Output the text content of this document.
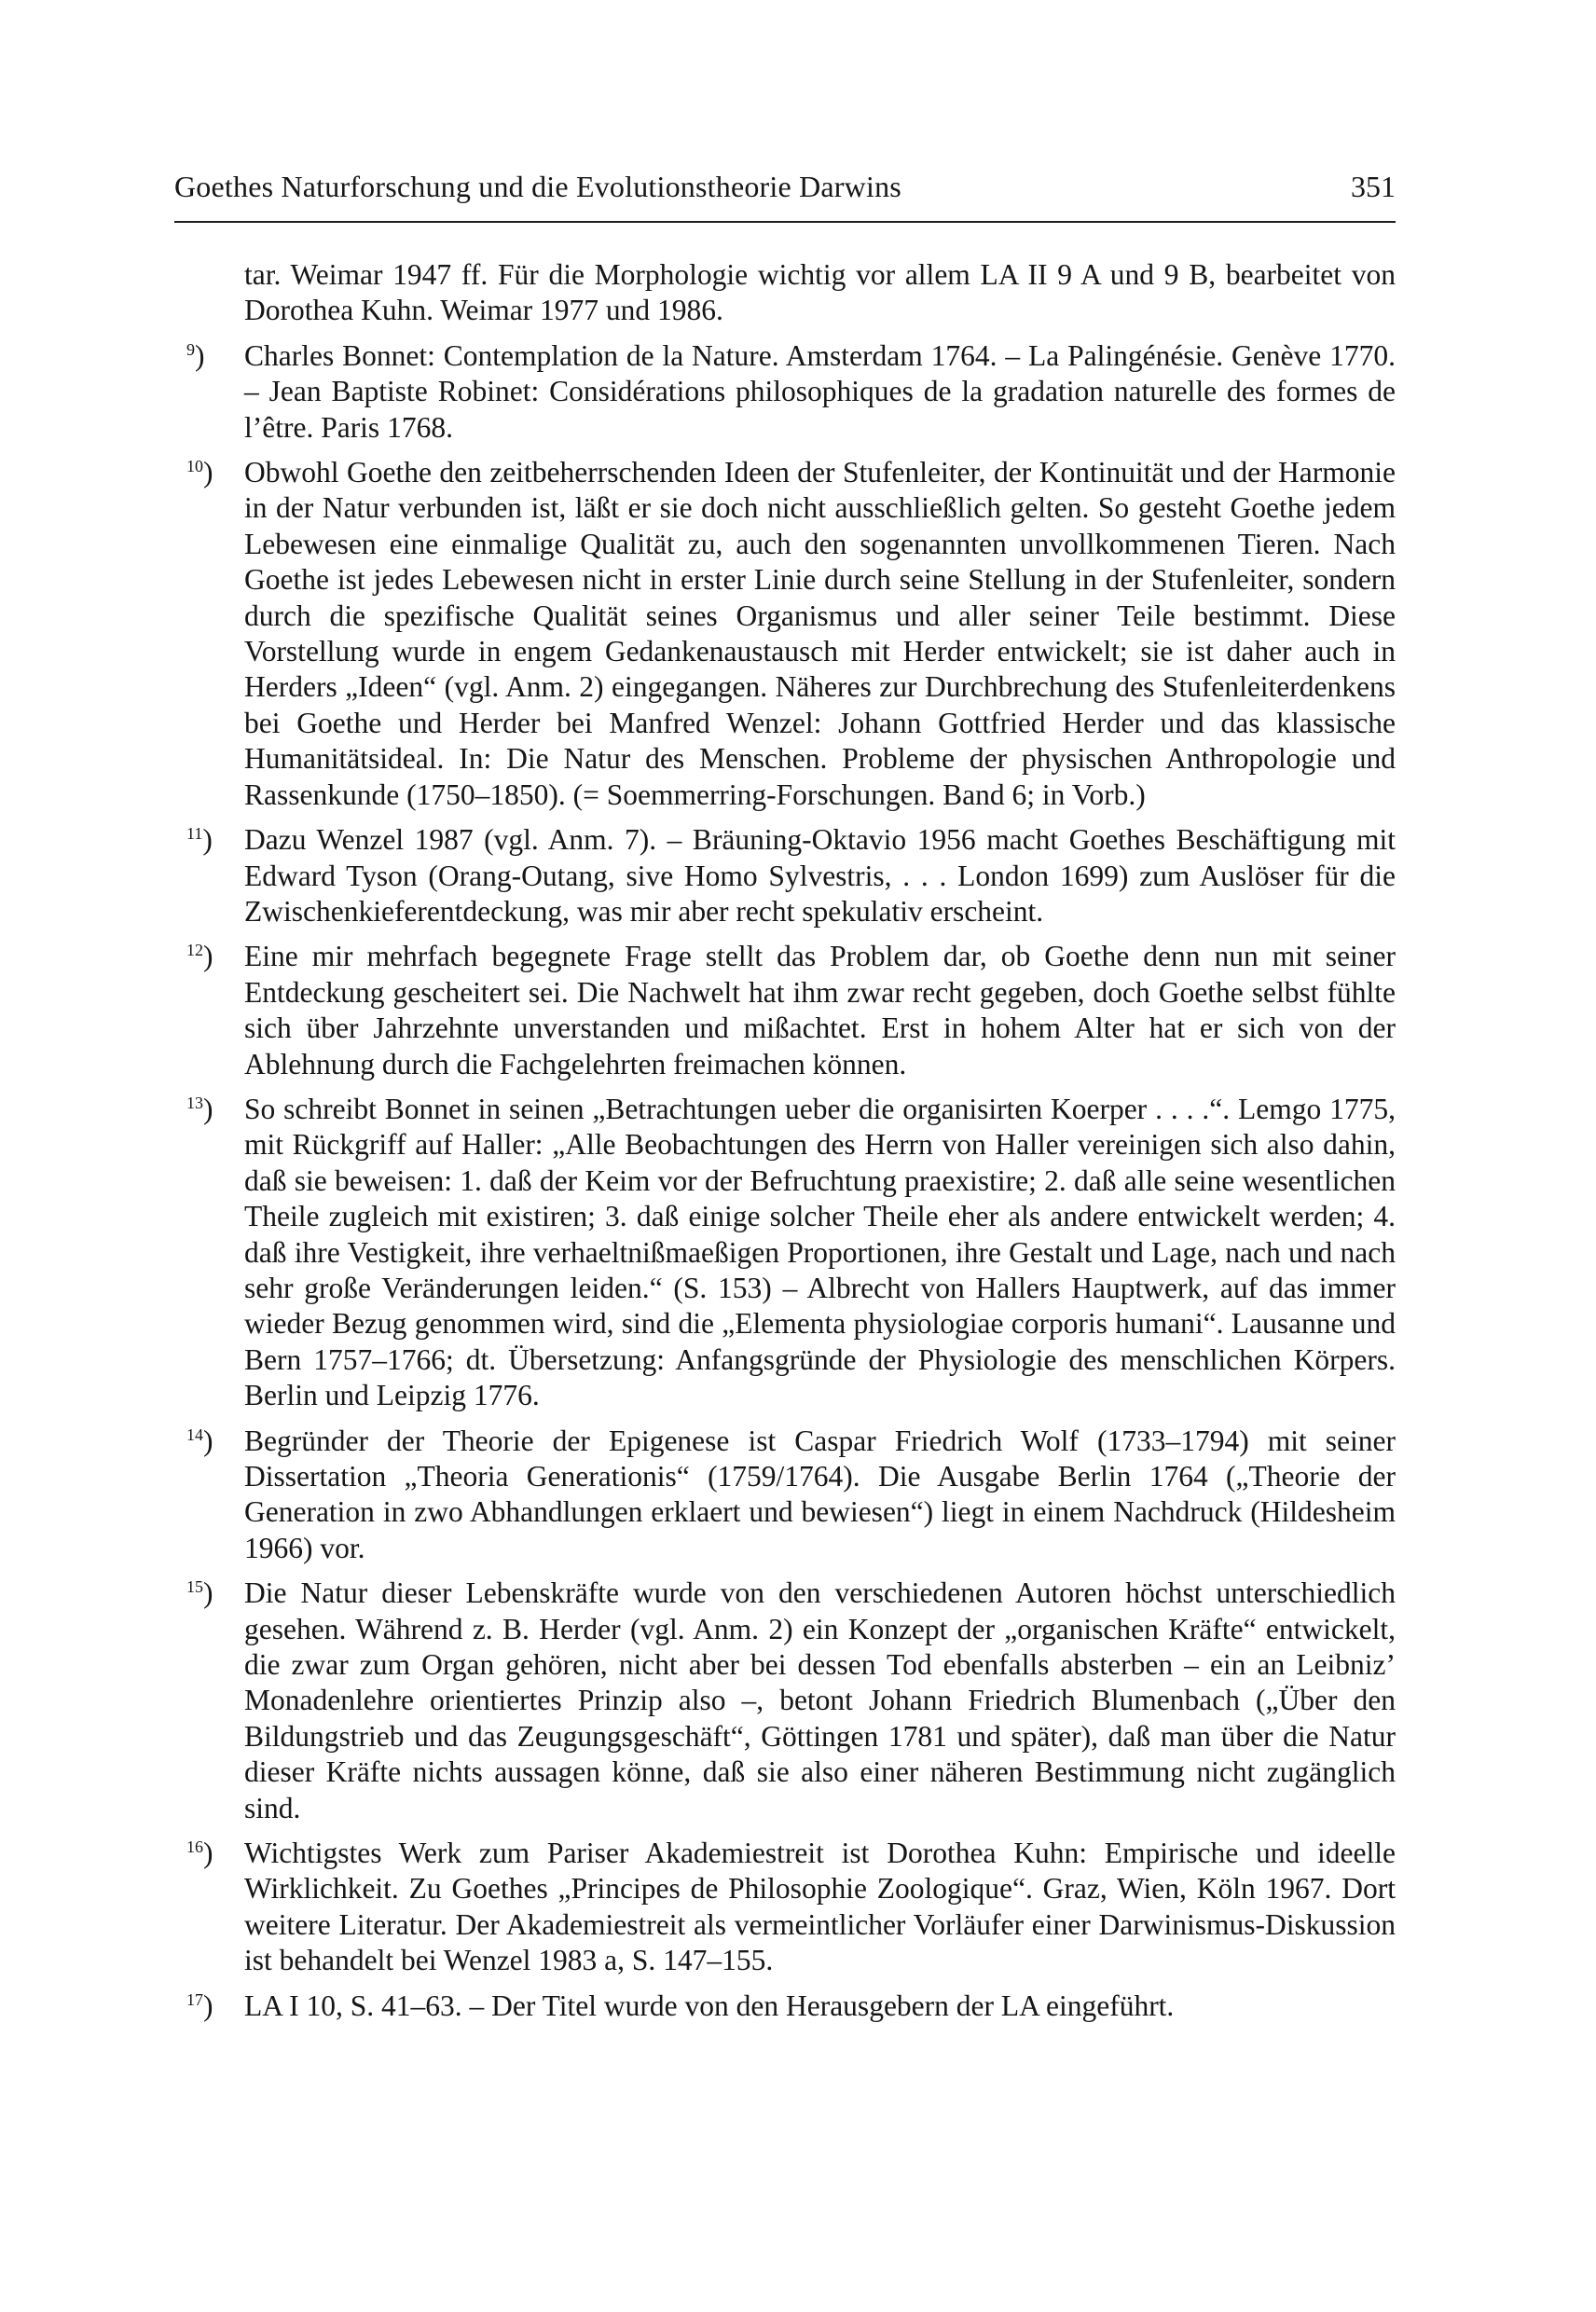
Goethes Naturforschung und die Evolutionstheorie Darwins	351

tar. Weimar 1947 ff. Für die Morphologie wichtig vor allem LA II 9 A und 9 B, bearbeitet von Dorothea Kuhn. Weimar 1977 und 1986.

$^9$)	Charles Bonnet: Contemplation de la Nature. Amsterdam 1764. – La Palingénésie. Genève 1770. – Jean Baptiste Robinet: Considérations philosophiques de la gradation naturelle des formes de l’être. Paris 1768.

$^{10}$)	Obwohl Goethe den zeitbeherrschenden Ideen der Stufenleiter, der Kontinuität und der Harmonie in der Natur verbunden ist, läßt er sie doch nicht ausschließlich gelten. So gesteht Goethe jedem Lebewesen eine einmalige Qualität zu, auch den sogenannten unvollkommenen Tieren. Nach Goethe ist jedes Lebewesen nicht in erster Linie durch seine Stellung in der Stufenleiter, sondern durch die spezifische Qualität seines Organismus und aller seiner Teile bestimmt. Diese Vorstellung wurde in engem Gedankenaustausch mit Herder entwickelt; sie ist daher auch in Herders „Ideen“ (vgl. Anm. 2) eingegangen. Näheres zur Durchbrechung des Stufenleiterdenkens bei Goethe und Herder bei Manfred Wenzel: Johann Gottfried Herder und das klassische Humanitätsideal. In: Die Natur des Menschen. Probleme der physischen Anthropologie und Rassenkunde (1750–1850). (= Soemmerring-Forschungen. Band 6; in Vorb.)

$^{11}$)	Dazu Wenzel 1987 (vgl. Anm. 7). – Bräuning-Oktavio 1956 macht Goethes Beschäftigung mit Edward Tyson (Orang-Outang, sive Homo Sylvestris, . . . London 1699) zum Auslöser für die Zwischenkieferentdeckung, was mir aber recht spekulativ erscheint.

$^{12}$)	Eine mir mehrfach begegnete Frage stellt das Problem dar, ob Goethe denn nun mit seiner Entdeckung gescheitert sei. Die Nachwelt hat ihm zwar recht gegeben, doch Goethe selbst fühlte sich über Jahrzehnte unverstanden und mißachtet. Erst in hohem Alter hat er sich von der Ablehnung durch die Fachgelehrten freimachen können.

$^{13}$)	So schreibt Bonnet in seinen „Betrachtungen ueber die organisirten Koerper . . . .“. Lemgo 1775, mit Rückgriff auf Haller: „Alle Beobachtungen des Herrn von Haller vereinigen sich also dahin, daß sie beweisen: 1. daß der Keim vor der Befruchtung praexistire; 2. daß alle seine wesentlichen Theile zugleich mit existiren; 3. daß einige solcher Theile eher als andere entwickelt werden; 4. daß ihre Vestigkeit, ihre verhaeltnißmaeßigen Proportionen, ihre Gestalt und Lage, nach und nach sehr große Veränderungen leiden.“ (S. 153) – Albrecht von Hallers Hauptwerk, auf das immer wieder Bezug genommen wird, sind die „Elementa physiologiae corporis humani“. Lausanne und Bern 1757–1766; dt. Übersetzung: Anfangsgründe der Physiologie des menschlichen Körpers. Berlin und Leipzig 1776.

$^{14}$)	Begründer der Theorie der Epigenese ist Caspar Friedrich Wolf (1733–1794) mit seiner Dissertation „Theoria Generationis“ (1759/1764). Die Ausgabe Berlin 1764 („Theorie der Generation in zwo Abhandlungen erklaert und bewiesen“) liegt in einem Nachdruck (Hildesheim 1966) vor.

$^{15}$)	Die Natur dieser Lebenskräfte wurde von den verschiedenen Autoren höchst unterschiedlich gesehen. Während z. B. Herder (vgl. Anm. 2) ein Konzept der „organischen Kräfte“ entwickelt, die zwar zum Organ gehören, nicht aber bei dessen Tod ebenfalls absterben – ein an Leibniz’ Monadenlehre orientiertes Prinzip also –, betont Johann Friedrich Blumenbach („Über den Bildungstrieb und das Zeugungsgeschäft“, Göttingen 1781 und später), daß man über die Natur dieser Kräfte nichts aussagen könne, daß sie also einer näheren Bestimmung nicht zugänglich sind.

$^{16}$)	Wichtigstes Werk zum Pariser Akademiestreit ist Dorothea Kuhn: Empirische und ideelle Wirklichkeit. Zu Goethes „Principes de Philosophie Zoologique“. Graz, Wien, Köln 1967. Dort weitere Literatur. Der Akademiestreit als vermeintlicher Vorläufer einer Darwinismus-Diskussion ist behandelt bei Wenzel 1983 a, S. 147–155.

$^{17}$)	LA I 10, S. 41–63. – Der Titel wurde von den Herausgebern der LA eingeführt.
